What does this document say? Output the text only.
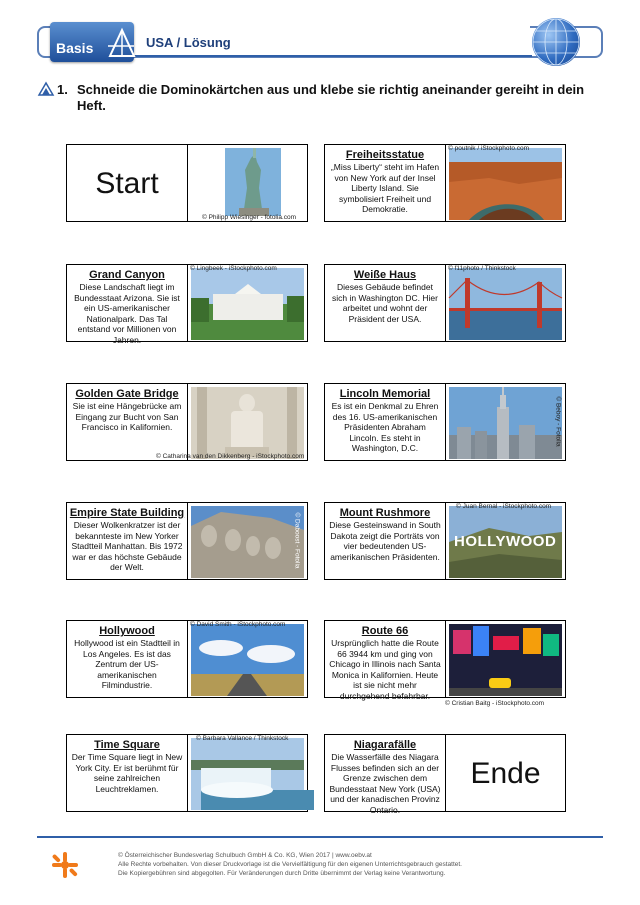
Basis	USA / Lösung
1. Schneide die Dominokärtchen aus und klebe sie richtig aneinander gereiht in dein Heft.
Start
© Philipp Wiesinger - fotolia.com
Freiheitsstatue
„Miss Liberty“ steht im Hafen von New York auf der Insel Liberty Island. Sie symbolisiert Freiheit und Demokratie.
© poutnik / iStockphoto.com
Grand Canyon
Diese Landschaft liegt im Bundesstaat Arizona. Sie ist ein US-amerikanischer Nationalpark. Das Tal entstand vor Millionen von Jahren.
© Lingbeek - iStockphoto.com
Weiße Haus
Dieses Gebäude befindet sich in Washington DC. Hier arbeitet und wohnt der Präsident der USA.
© f11photo / Thinkstock
Golden Gate Bridge
Sie ist eine Hängebrücke am Eingang zur Bucht von San Francisco in Kalifornien.
© Catharina van den Dikkenberg - iStockphoto.com
Lincoln Memorial
Es ist ein Denkmal zu Ehren des 16. US-amerikanischen Präsidenten Abraham Lincoln. Es steht in Washington, D.C.
© Beboy - Fotolia
Empire State Building
Dieser Wolkenkratzer ist der bekannteste im New Yorker Stadtteil Manhattan. Bis 1972 war er das höchste Gebäude der Welt.	© Daboost - Fotolia	Mount Rushmore
Diese Gesteinswand in South Dakota zeigt die Porträts von vier bedeutenden US-amerikanischen Präsidenten.
HOLLYWOOD
© Juan Bernal - iStockphoto.com
Hollywood
Hollywood ist ein Stadtteil in Los Angeles. Es ist das Zentrum der US-amerikanischen Filmindustrie.
© David Smith - iStockphoto.com
Route 66
Ursprünglich hatte die Route 66 3944 km und ging von Chicago in Illinois nach Santa Monica in Kalifornien. Heute ist sie nicht mehr durchgehend befahrbar.
© Cristian Baitg - iStockphoto.com
Time Square
Der Time Square liegt in New York City. Er ist berühmt für seine zahlreichen Leuchtreklamen.
© Barbara Vallance / Thinkstock
Niagarafälle
Die Wasserfälle des Niagara Flusses befinden sich an der Grenze zwischen dem Bundesstaat New York (USA) und der kanadischen Provinz Ontario.
Ende
© Österreichischer Bundesverlag Schulbuch GmbH & Co. KG, Wien 2017 | www.oebv.at
Alle Rechte vorbehalten. Von dieser Druckvorlage ist die Vervielfältigung für den eigenen Unterrichtsgebrauch gestattet.
Die Kopiergebühren sind abgegolten. Für Veränderungen durch Dritte übernimmt der Verlag keine Verantwortung.
